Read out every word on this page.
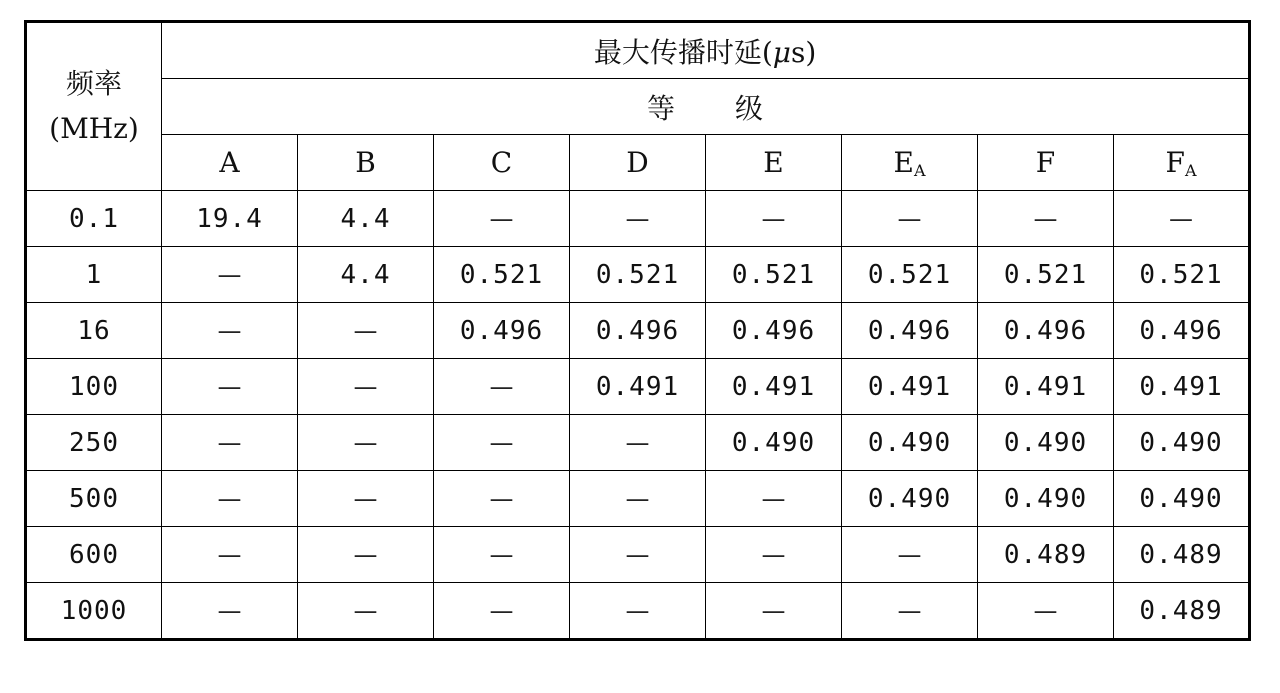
频率
(MHz)	最大传播时延(μs)							
	等 级							
	A	B	C	D	E	$E_A$	F	$F_A$
0.1	19.4	4.4	—	—	—	—	—	—
1	—	4.4	0.521	0.521	0.521	0.521	0.521	0.521
16	—	—	0.496	0.496	0.496	0.496	0.496	0.496
100	—	—	—	0.491	0.491	0.491	0.491	0.491
250	—	—	—	—	0.490	0.490	0.490	0.490
500	—	—	—	—	—	0.490	0.490	0.490
600	—	—	—	—	—	—	0.489	0.489
1000	—	—	—	—	—	—	—	0.489
